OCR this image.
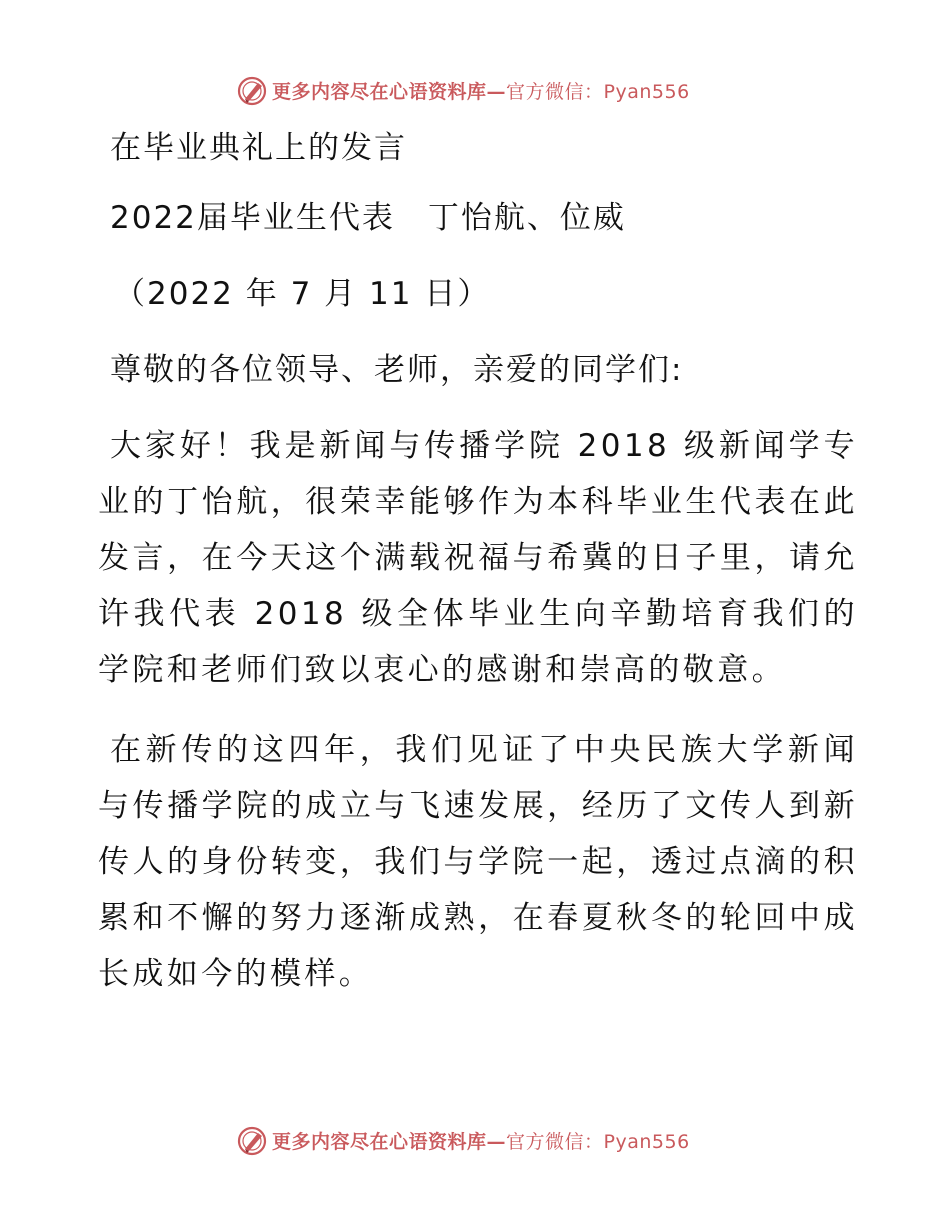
更多内容尽在心语资料库— 官方微信：Pyan556

在毕业典礼上的发言

2022届毕业生代表　丁怡航、位威

（2022 年 7 月 11 日）

尊敬的各位领导、老师，亲爱的同学们:

大家好！我是新闻与传播学院 2018 级新闻学专业的丁怡航，很荣幸能够作为本科毕业生代表在此发言，在今天这个满载祝福与希冀的日子里，请允许我代表 2018 级全体毕业生向辛勤培育我们的学院和老师们致以衷心的感谢和崇高的敬意。

在新传的这四年，我们见证了中央民族大学新闻与传播学院的成立与飞速发展，经历了文传人到新传人的身份转变，我们与学院一起，透过点滴的积累和不懈的努力逐渐成熟，在春夏秋冬的轮回中成长成如今的模样。

更多内容尽在心语资料库— 官方微信：Pyan556
